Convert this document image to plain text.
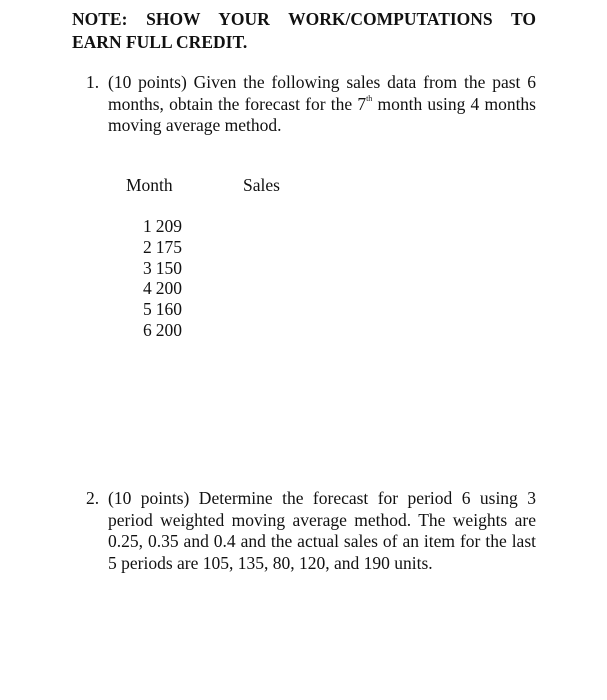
NOTE: SHOW YOUR WORK/COMPUTATIONS TO
EARN FULL CREDIT.
1. (10 points) Given the following sales data from the past 6 months, obtain the forecast for the 7th month using 4 months moving average method.
Month	Sales
1 209
2 175
3 150
4 200
5 160
6 200
2. (10 points) Determine the forecast for period 6 using 3 period weighted moving average method. The weights are 0.25, 0.35 and 0.4 and the actual sales of an item for the last 5 periods are 105, 135, 80, 120, and 190 units.
